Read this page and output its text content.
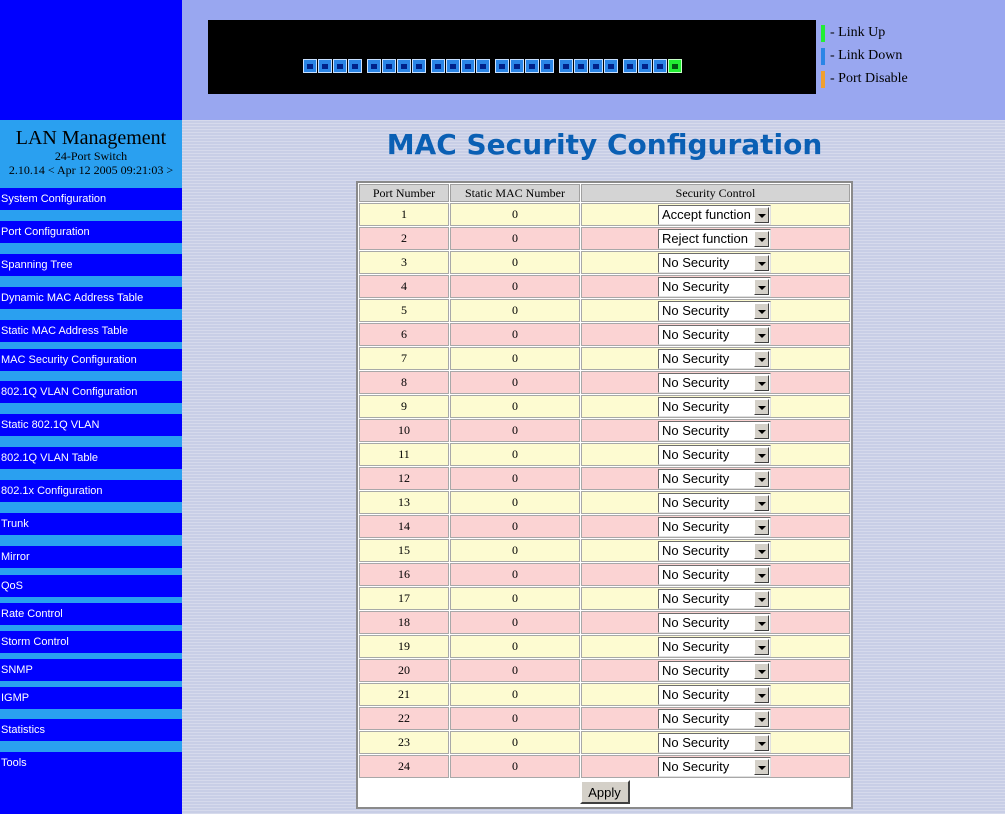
LAN Management
24-Port Switch
2.10.14 < Apr 12 2005 09:21:03 >
System Configuration
Port Configuration
Spanning Tree
Dynamic MAC Address Table
Static MAC Address Table
MAC Security Configuration
802.1Q VLAN Configuration
Static 802.1Q VLAN
802.1Q VLAN Table
802.1x Configuration
Trunk
Mirror
QoS
Rate Control
Storm Control
SNMP
IGMP
Statistics
Tools
- Link Up
- Link Down
- Port Disable
MAC Security Configuration
Port Number	Static MAC Number	Security Control
1	0	Accept function

2	0	Reject function

3	0	No Security

4	0	No Security

5	0	No Security

6	0	No Security

7	0	No Security

8	0	No Security

9	0	No Security

10	0	No Security

11	0	No Security

12	0	No Security

13	0	No Security

14	0	No Security

15	0	No Security

16	0	No Security

17	0	No Security

18	0	No Security

19	0	No Security

20	0	No Security

21	0	No Security

22	0	No Security

23	0	No Security

24	0	No Security
Apply
